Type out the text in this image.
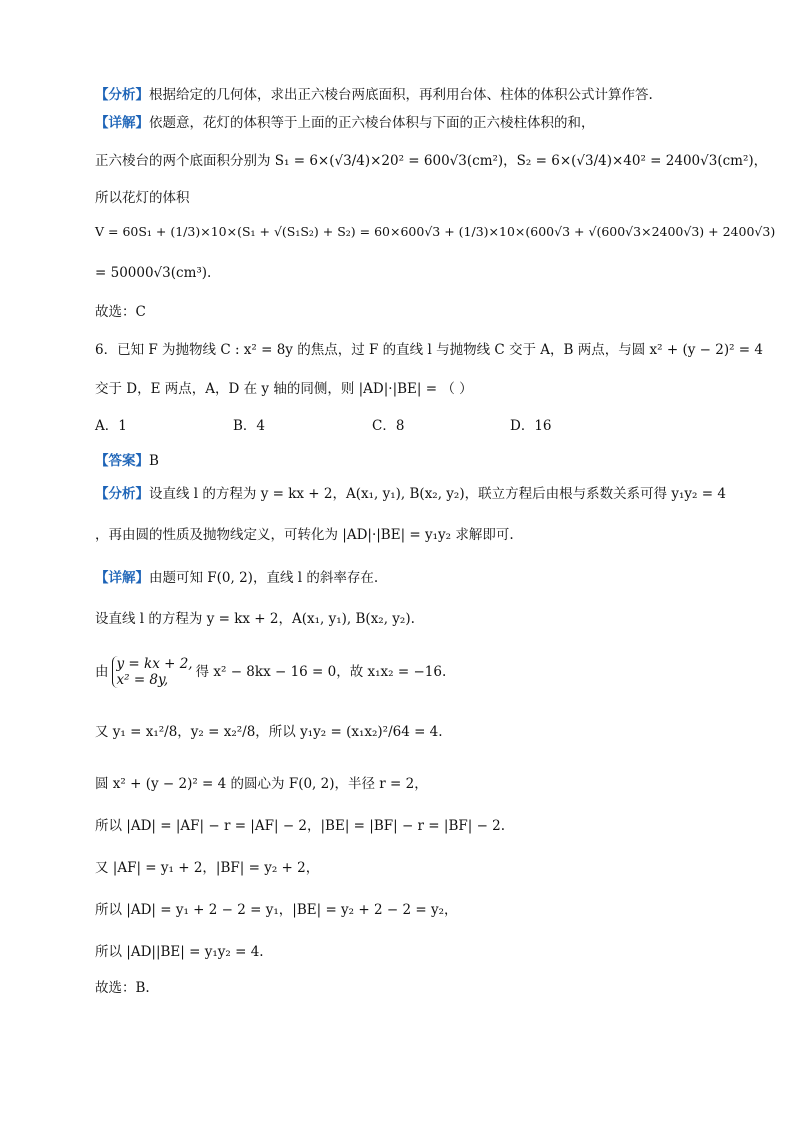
【分析】根据给定的几何体，求出正六棱台两底面积，再利用台体、柱体的体积公式计算作答.
【详解】依题意，花灯的体积等于上面的正六棱台体积与下面的正六棱柱体积的和，
正六棱台的两个底面积分别为 S₁ = 6×(√3/4)×20² = 600√3(cm²)，S₂ = 6×(√3/4)×40² = 2400√3(cm²)，
所以花灯的体积
V = 60S₁ + (1/3)×10×(S₁ + √(S₁S₂) + S₂) = 60×600√3 + (1/3)×10×(600√3 + √(600√3×2400√3) + 2400√3)
= 50000√3(cm³).
故选：C
6．已知 F 为抛物线 C : x² = 8y 的焦点，过 F 的直线 l 与抛物线 C 交于 A，B 两点，与圆 x² + (y − 2)² = 4
交于 D，E 两点，A，D 在 y 轴的同侧，则 |AD|·|BE| = （ ）
A．1	B．4	C．8	D．16
【答案】B
【分析】设直线 l 的方程为 y = kx + 2，A(x₁, y₁), B(x₂, y₂)，联立方程后由根与系数关系可得 y₁y₂ = 4
，再由圆的性质及抛物线定义，可转化为 |AD|·|BE| = y₁y₂ 求解即可.
【详解】由题可知 F(0, 2)，直线 l 的斜率存在.
设直线 l 的方程为 y = kx + 2，A(x₁, y₁), B(x₂, y₂).
由 y = kx + 2,
x² = 8y,	得 x² − 8kx − 16 = 0，故 x₁x₂ = −16.
又 y₁ = x₁²/8，y₂ = x₂²/8，所以 y₁y₂ = (x₁x₂)²/64 = 4.
圆 x² + (y − 2)² = 4 的圆心为 F(0, 2)，半径 r = 2，
所以 |AD| = |AF| − r = |AF| − 2，|BE| = |BF| − r = |BF| − 2.
又 |AF| = y₁ + 2，|BF| = y₂ + 2，
所以 |AD| = y₁ + 2 − 2 = y₁，|BE| = y₂ + 2 − 2 = y₂，
所以 |AD||BE| = y₁y₂ = 4.
故选：B.
